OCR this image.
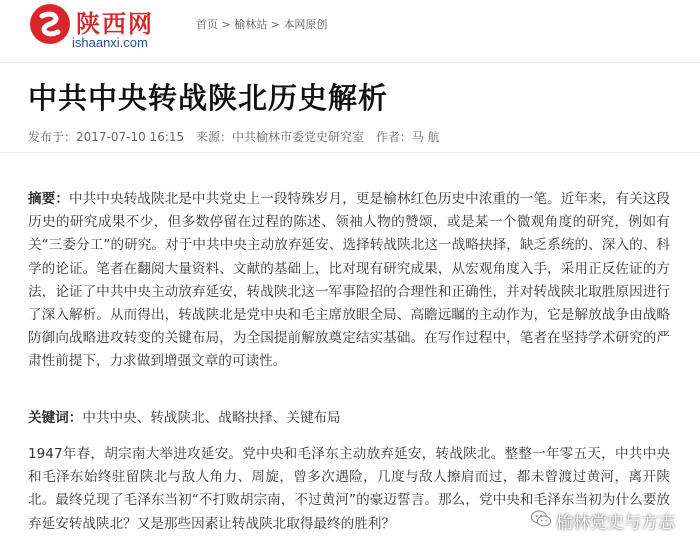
陕西网
ishaanxi.com
首页 > 榆林站 > 本网原创
中共中央转战陕北历史解析
发布于：2017-07-10 16:15 来源：中共榆林市委党史研究室 作者：马 航
摘要：中共中央转战陕北是中共党史上一段特殊岁月，更是榆林红色历史中浓重的一笔。近年来，有关这段历史的研究成果不少，但多数停留在过程的陈述、领袖人物的赞颂，或是某一个微观角度的研究，例如有关“三委分工”的研究。对于中共中央主动放弃延安、选择转战陕北这一战略抉择，缺乏系统的、深入的、科学的论证。笔者在翻阅大量资料、文献的基础上，比对现有研究成果，从宏观角度入手，采用正反佐证的方法，论证了中共中央主动放弃延安，转战陕北这一军事险招的合理性和正确性，并对转战陕北取胜原因进行了深入解析。从而得出，转战陕北是党中央和毛主席放眼全局、高瞻远瞩的主动作为，它是解放战争由战略防御向战略进攻转变的关键布局，为全国提前解放奠定结实基础。在写作过程中，笔者在坚持学术研究的严肃性前提下，力求做到增强文章的可读性。
关键词：中共中央、转战陕北、战略抉择、关键布局
1947年春，胡宗南大举进攻延安。党中央和毛泽东主动放弃延安，转战陕北。整整一年零五天，中共中央和毛泽东始终驻留陕北与敌人角力、周旋，曾多次遇险，几度与敌人擦肩而过，都未曾渡过黄河，离开陕北。最终兑现了毛泽东当初“不打败胡宗南，不过黄河”的豪迈誓言。那么，党中央和毛泽东当初为什么要放弃延安转战陕北？又是那些因素让转战陕北取得最终的胜利？	榆林党史与方志
